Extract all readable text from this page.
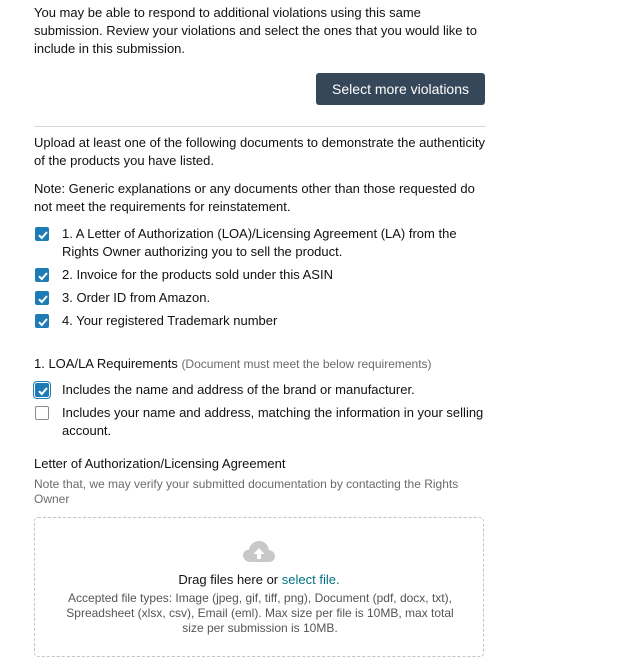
You may be able to respond to additional violations using this same submission. Review your violations and select the ones that you would like to include in this submission.

Select more violations

Upload at least one of the following documents to demonstrate the authenticity of the products you have listed.

Note: Generic explanations or any documents other than those requested do not meet the requirements for reinstatement.

1. A Letter of Authorization (LOA)/Licensing Agreement (LA) from the Rights Owner authorizing you to sell the product.
2. Invoice for the products sold under this ASIN
3. Order ID from Amazon.
4. Your registered Trademark number
1. LOA/LA Requirements (Document must meet the below requirements)
Includes the name and address of the brand or manufacturer.
Includes your name and address, matching the information in your selling account.
Letter of Authorization/Licensing Agreement
Note that, we may verify your submitted documentation by contacting the Rights Owner
Drag files here or select file.
Accepted file types: Image (jpeg, gif, tiff, png), Document (pdf, docx, txt), Spreadsheet (xlsx, csv), Email (eml). Max size per file is 10MB, max total size per submission is 10MB.
